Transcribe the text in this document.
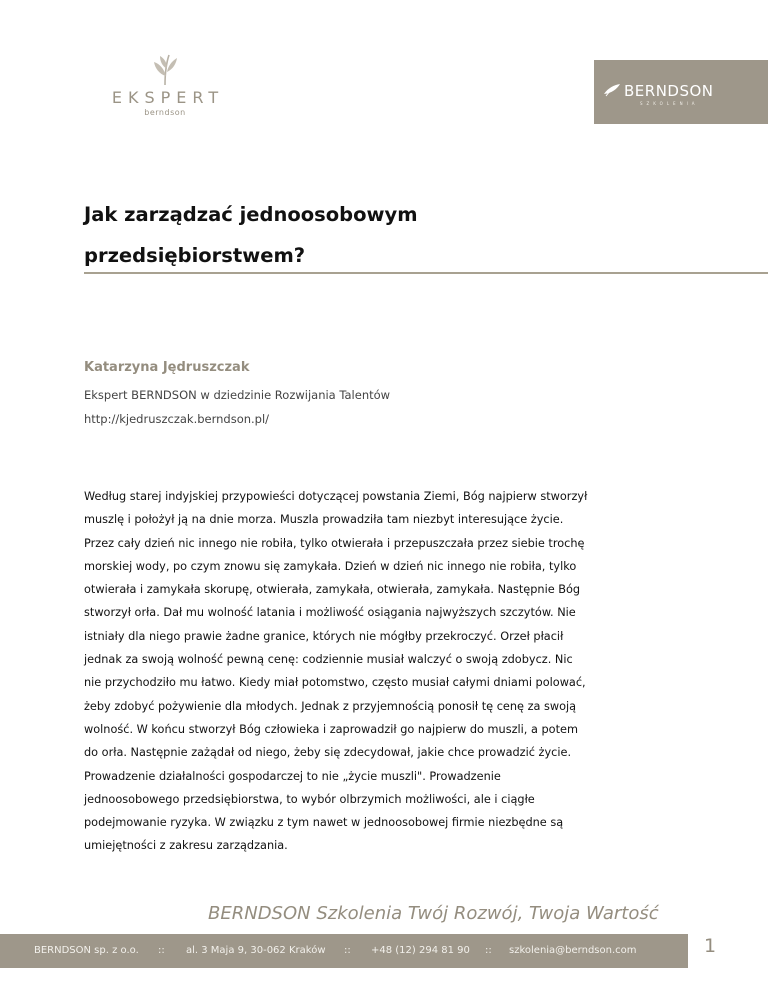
EKSPERT
berndson
BERNDSON
SZKOLENIA
Jak zarządzać jednoosobowym
przedsiębiorstwem?
Katarzyna Jędruszczak
Ekspert BERNDSON w dziedzinie Rozwijania Talentów
http://kjedruszczak.berndson.pl/
Według starej indyjskiej przypowieści dotyczącej powstania Ziemi, Bóg najpierw stworzył
muszlę i położył ją na dnie morza. Muszla prowadziła tam niezbyt interesujące życie.
Przez cały dzień nic innego nie robiła, tylko otwierała i przepuszczała przez siebie trochę
morskiej wody, po czym znowu się zamykała. Dzień w dzień nic innego nie robiła, tylko
otwierała i zamykała skorupę, otwierała, zamykała, otwierała, zamykała. Następnie Bóg
stworzył orła. Dał mu wolność latania i możliwość osiągania najwyższych szczytów. Nie
istniały dla niego prawie żadne granice, których nie mógłby przekroczyć. Orzeł płacił
jednak za swoją wolność pewną cenę: codziennie musiał walczyć o swoją zdobycz. Nic
nie przychodziło mu łatwo. Kiedy miał potomstwo, często musiał całymi dniami polować,
żeby zdobyć pożywienie dla młodych. Jednak z przyjemnością ponosił tę cenę za swoją
wolność. W końcu stworzył Bóg człowieka i zaprowadził go najpierw do muszli, a potem
do orła. Następnie zażądał od niego, żeby się zdecydował, jakie chce prowadzić życie.
Prowadzenie działalności gospodarczej to nie „życie muszli". Prowadzenie
jednoosobowego przedsiębiorstwa, to wybór olbrzymich możliwości, ale i ciągłe
podejmowanie ryzyka. W związku z tym nawet w jednoosobowej firmie niezbędne są
umiejętności z zakresu zarządzania.
BERNDSON Szkolenia Twój Rozwój, Twoja Wartość
BERNDSON sp. z o.o. :: al. 3 Maja 9, 30-062 Kraków :: +48 (12) 294 81 90 :: szkolenia@berndson.com	1
